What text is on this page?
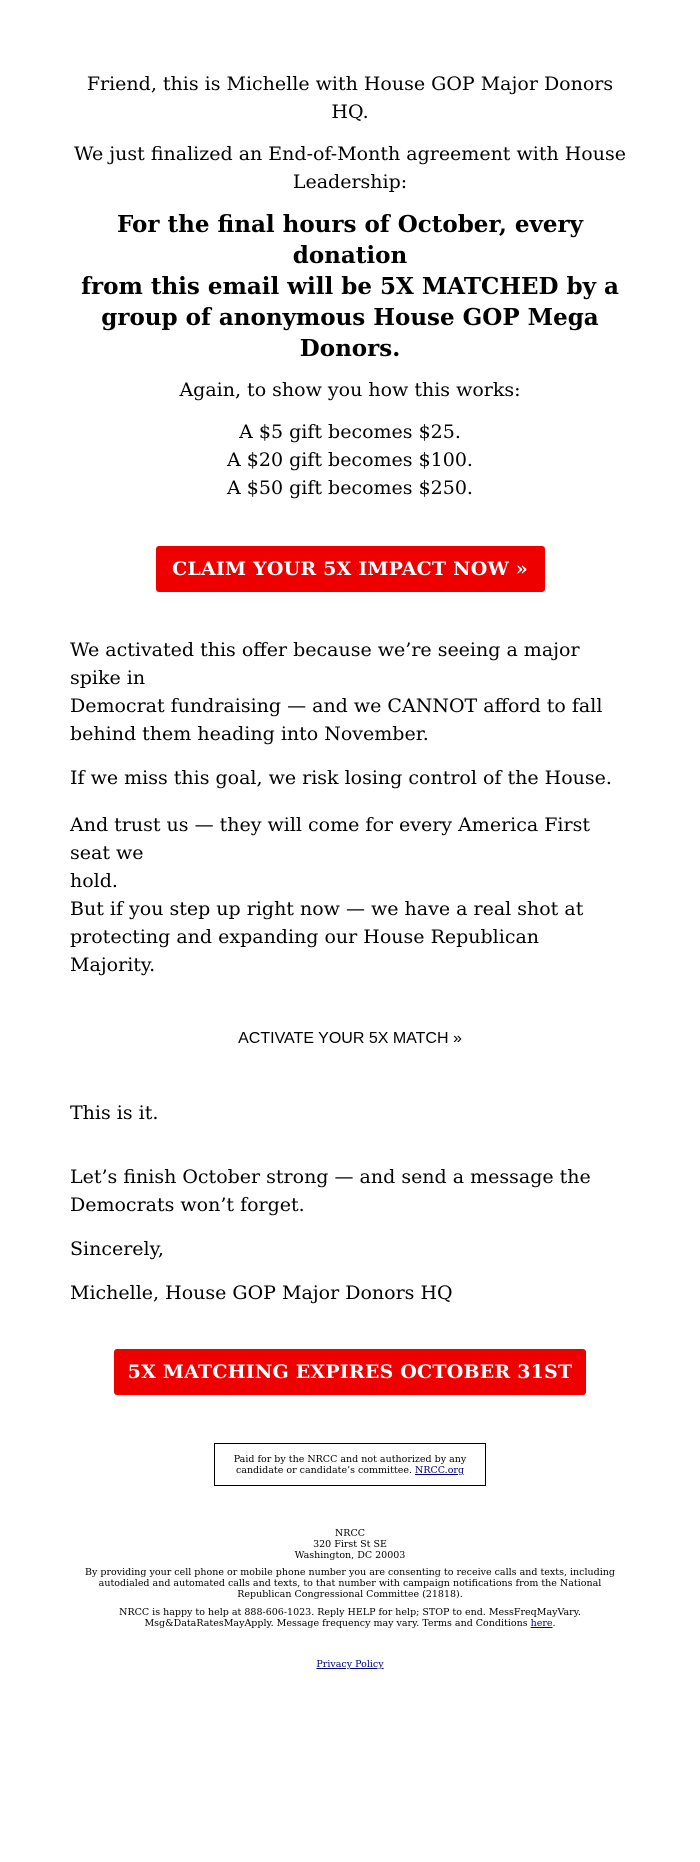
Friend, this is Michelle with House GOP Major Donors HQ.

We just finalized an End-of-Month agreement with House
Leadership:

For the final hours of October, every donation
from this email will be 5X MATCHED by a
group of anonymous House GOP Mega
Donors.

Again, to show you how this works:

A $5 gift becomes $25.
A $20 gift becomes $100.
A $50 gift becomes $250.

CLAIM YOUR 5X IMPACT NOW »

We activated this offer because we’re seeing a major spike in
Democrat fundraising — and we CANNOT afford to fall
behind them heading into November.

If we miss this goal, we risk losing control of the House.

And trust us — they will come for every America First seat we
hold.
But if you step up right now — we have a real shot at
protecting and expanding our House Republican Majority.

ACTIVATE YOUR 5X MATCH »

This is it.

Let’s finish October strong — and send a message the
Democrats won’t forget.

Sincerely,

Michelle, House GOP Major Donors HQ

5X MATCHING EXPIRES OCTOBER 31ST
Paid for by the NRCC and not authorized by any
candidate or candidate’s committee. NRCC.org
NRCC
320 First St SE
Washington, DC 20003
By providing your cell phone or mobile phone number you are consenting to receive calls and texts, including
autodialed and automated calls and texts, to that number with campaign notifications from the National
Republican Congressional Committee (21818).
NRCC is happy to help at 888-606-1023. Reply HELP for help; STOP to end. MessFreqMayVary.
Msg&DataRatesMayApply. Message frequency may vary. Terms and Conditions here.
Privacy Policy
